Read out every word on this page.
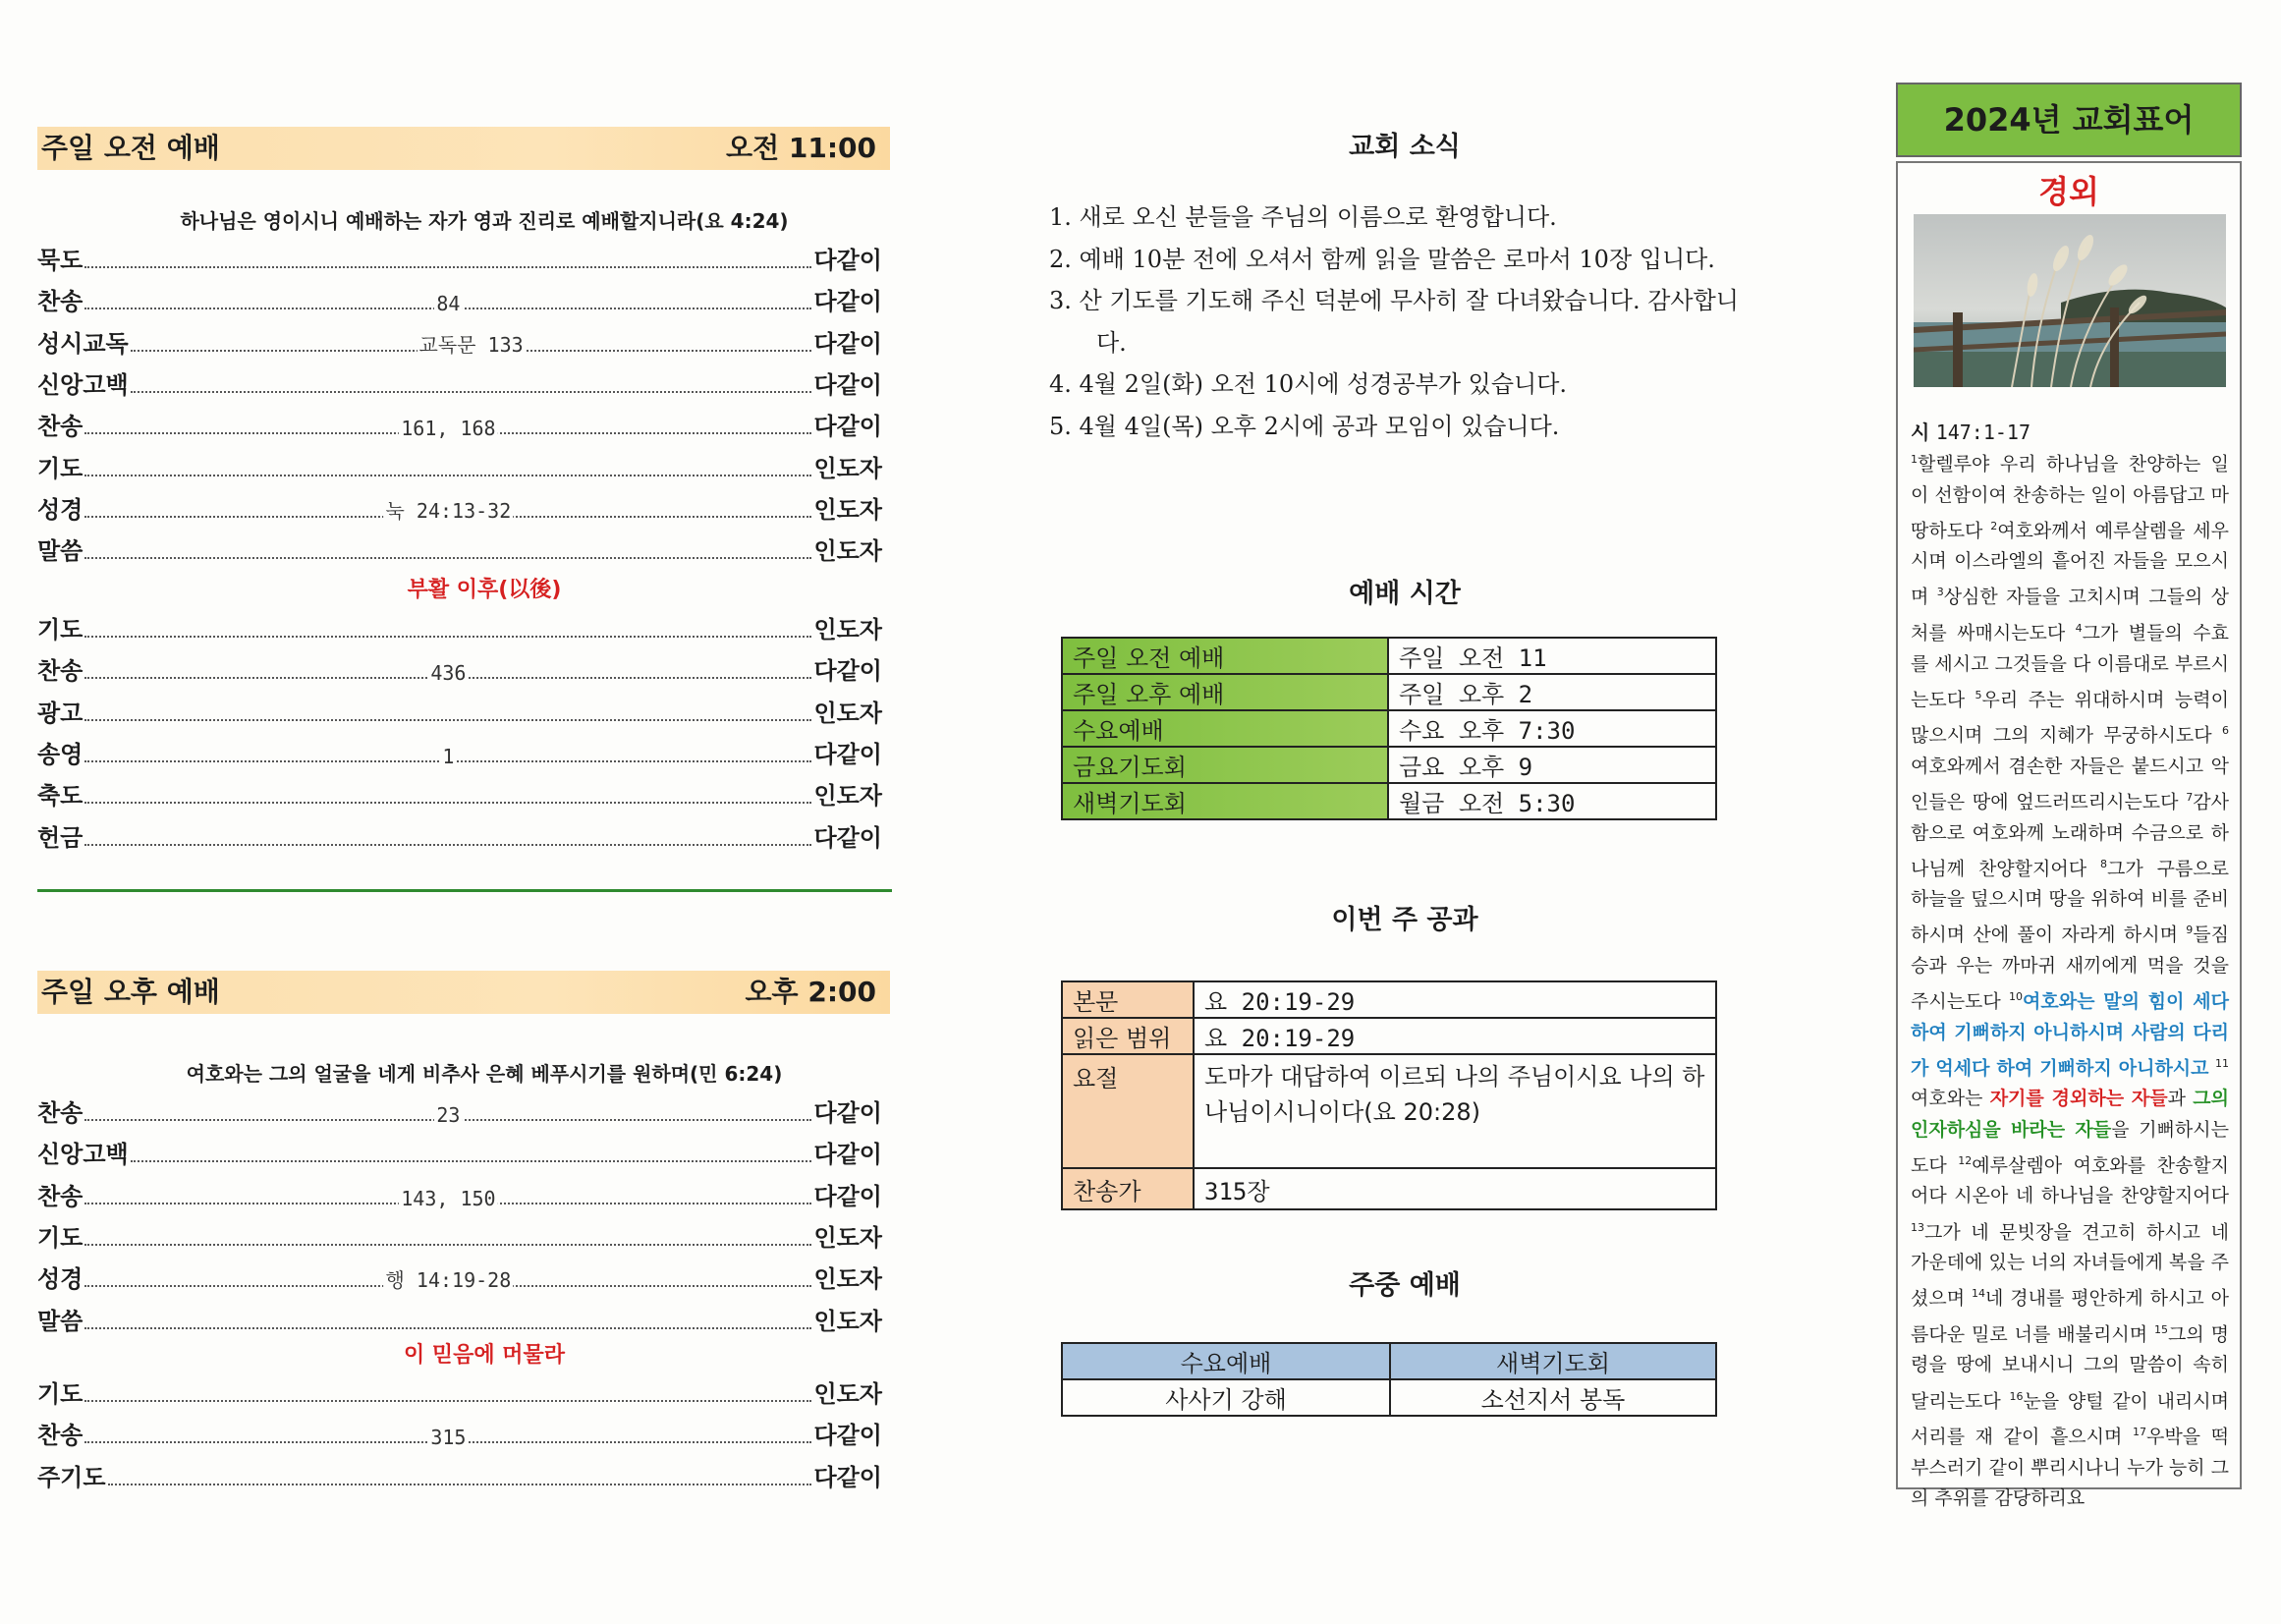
주일 오전 예배	오전 11:00
하나님은 영이시니 예배하는 자가 영과 진리로 예배할지니라(요 4:24)
묵도	다같이
찬송	84	다같이
성시교독	교독문 133	다같이
신앙고백	다같이
찬송	161, 168	다같이
기도	인도자
성경	눅 24:13-32	인도자
말씀	인도자
부활 이후(以後)
기도	인도자
찬송	436	다같이
광고	인도자
송영	1	다같이
축도	인도자
헌금	다같이
주일 오후 예배	오후 2:00
여호와는 그의 얼굴을 네게 비추사 은혜 베푸시기를 원하며(민 6:24)
찬송	23	다같이
신앙고백	다같이
찬송	143, 150	다같이
기도	인도자
성경	행 14:19-28	인도자
말씀	인도자
이 믿음에 머물라
기도	인도자
찬송	315	다같이
주기도	다같이
교회 소식
1. 새로 오신 분들을 주님의 이름으로 환영합니다.
2. 예배 10분 전에 오셔서 함께 읽을 말씀은 로마서 10장 입니다.
3. 산 기도를 기도해 주신 덕분에 무사히 잘 다녀왔습니다. 감사합니다.
4. 4월 2일(화) 오전 10시에 성경공부가 있습니다.
5. 4월 4일(목) 오후 2시에 공과 모임이 있습니다.
예배 시간
주일 오전 예배	주일 오전 11
주일 오후 예배	주일 오후 2
수요예배	수요 오후 7:30
금요기도회	금요 오후 9
새벽기도회	월금 오전 5:30
이번 주 공과
본문	요 20:19-29
읽은 범위	요 20:19-29
요절	도마가 대답하여 이르되 나의 주님이시요 나의 하나님이시니이다(요 20:28)
찬송가	315장
주중 예배
수요예배	새벽기도회
사사기 강해	소선지서 봉독
2024년 교회표어
경외
시 147:1-17
$^1$할렐루야 우리 하나님을 찬양하는 일이 선함이여 찬송하는 일이 아름답고 마땅하도다 $^2$여호와께서 예루살렘을 세우시며 이스라엘의 흩어진 자들을 모으시며 $^3$상심한 자들을 고치시며 그들의 상처를 싸매시는도다 $^4$그가 별들의 수효를 세시고 그것들을 다 이름대로 부르시는도다 $^5$우리 주는 위대하시며 능력이 많으시며 그의 지혜가 무궁하시도다 $^6$여호와께서 겸손한 자들은 붙드시고 악인들은 땅에 엎드러뜨리시는도다 $^7$감사함으로 여호와께 노래하며 수금으로 하나님께 찬양할지어다 $^8$그가 구름으로 하늘을 덮으시며 땅을 위하여 비를 준비하시며 산에 풀이 자라게 하시며 $^9$들짐승과 우는 까마귀 새끼에게 먹을 것을 주시는도다 $^{10}$여호와는 말의 힘이 세다 하여 기뻐하지 아니하시며 사람의 다리가 억세다 하여 기뻐하지 아니하시고 $^{11}$여호와는 자기를 경외하는 자들과 그의 인자하심을 바라는 자들을 기뻐하시는도다 $^{12}$예루살렘아 여호와를 찬송할지어다 시온아 네 하나님을 찬양할지어다 $^{13}$그가 네 문빗장을 견고히 하시고 네 가운데에 있는 너의 자녀들에게 복을 주셨으며 $^{14}$네 경내를 평안하게 하시고 아름다운 밀로 너를 배불리시며 $^{15}$그의 명령을 땅에 보내시니 그의 말씀이 속히 달리는도다 $^{16}$눈을 양털 같이 내리시며 서리를 재 같이 흩으시며 $^{17}$우박을 떡 부스러기 같이 뿌리시나니 누가 능히 그의 추위를 감당하리요
